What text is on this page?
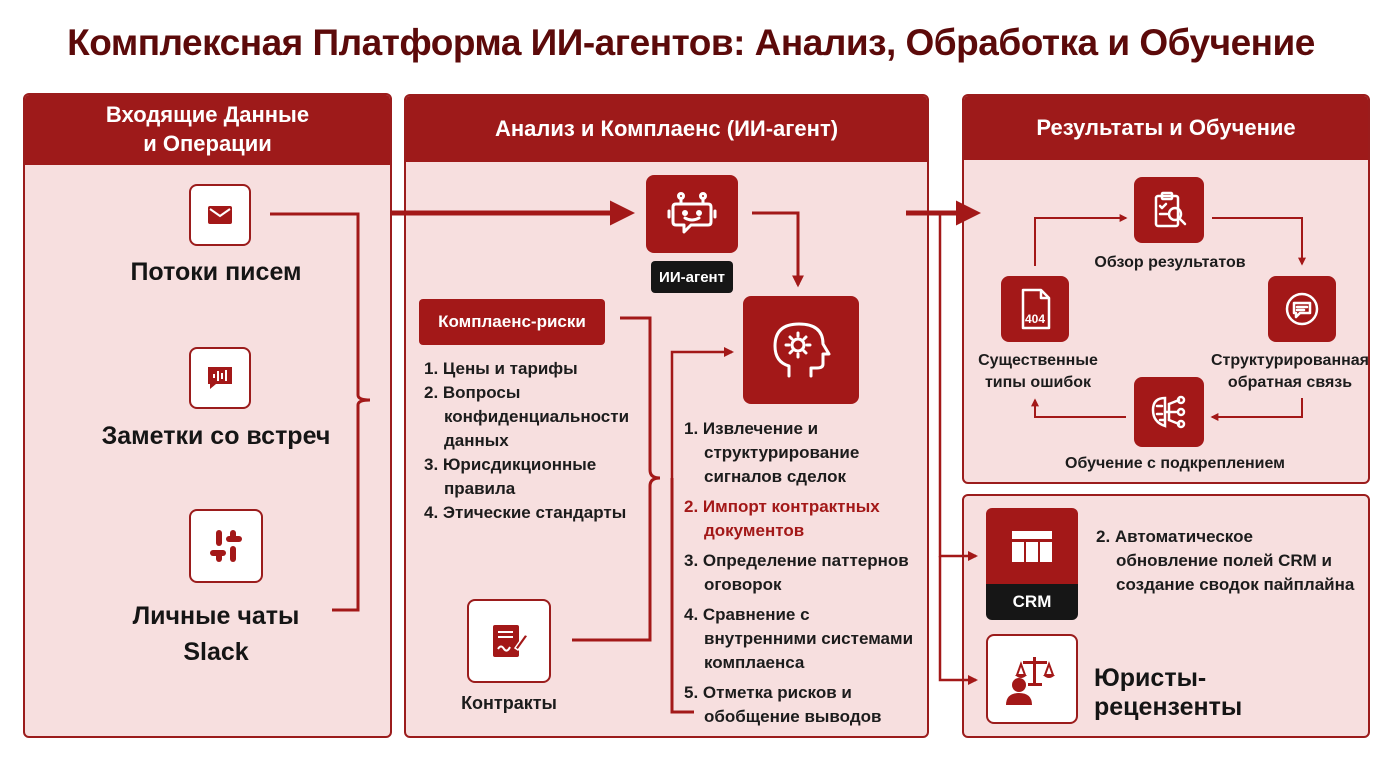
Комплексная Платформа ИИ-агентов: Анализ, Обработка и Обучение
Входящие Данные
и Операции
Потоки писем
Заметки со встреч
Личные чаты
Slack
Анализ и Комплаенс (ИИ-агент)
ИИ-агент
Комплаенс-риски
1. Цены и тарифы
2. Вопросы конфиденциальности данных
3. Юрисдикционные правила
4. Этические стандарты
1. Извлечение и структурирование сигналов сделок
2. Импорт контрактных документов
3. Определение паттернов оговорок
4. Сравнение с внутренними системами комплаенса
5. Отметка рисков и обобщение выводов
Контракты
Результаты и Обучение
Обзор результатов
Структурированная
обратная связь
Обучение с подкреплением
404
Существенные
типы ошибок
CRM
2. Автоматическое
обновление полей CRM и
создание сводок пайплайна
Юристы-рецензенты
